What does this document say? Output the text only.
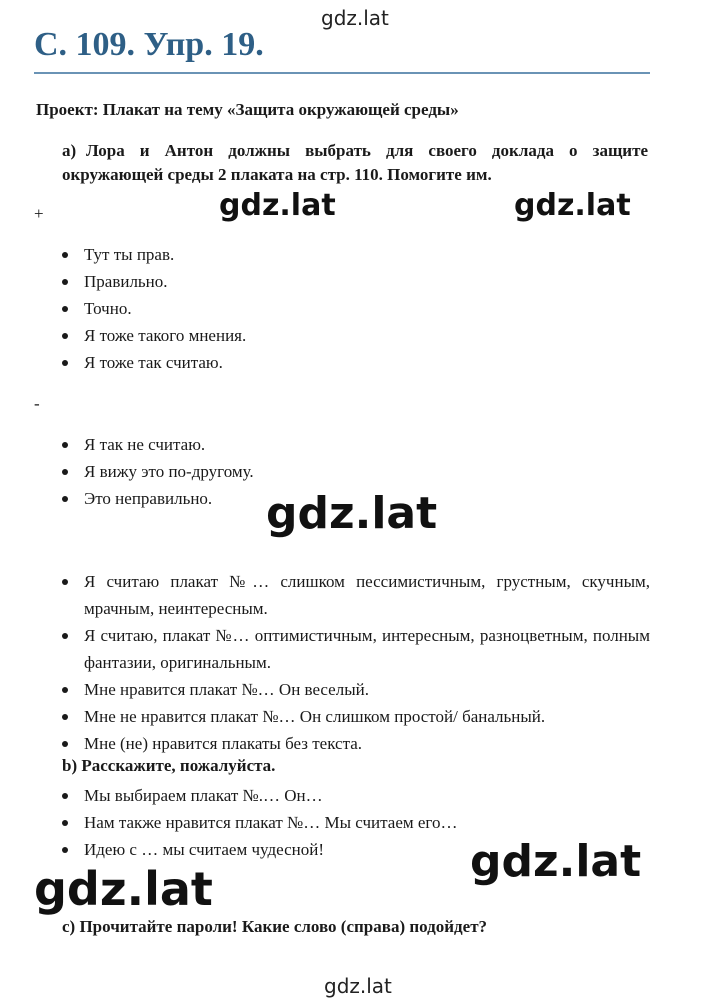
gdz.lat
С. 109. Упр. 19.
Проект: Плакат на тему «Защита окружающей среды»
a) Лора и Антон должны выбрать для своего доклада о защите окружающей среды 2 плаката на стр. 110. Помогите им.
gdz.lat	gdz.lat
+
Тут ты прав.
Правильно.
Точно.
Я тоже такого мнения.
Я тоже так считаю.
-
Я так не считаю.
Я вижу это по-другому.
Это неправильно.	gdz.lat
Я считаю плакат №… слишком пессимистичным, грустным, скучным, мрачным, неинтересным.
Я считаю, плакат №… оптимистичным, интересным, разноцветным, полным фантазии, оригинальным.
Мне нравится плакат №… Он веселый.
Мне не нравится плакат №… Он слишком простой/ банальный.
Мне (не) нравится плакаты без текста.
b) Расскажите, пожалуйста.
Мы выбираем плакат №.… Он…
Нам также нравится плакат №… Мы считаем его…
Идею с … мы считаем чудесной!	gdz.lat
gdz.lat
c) Прочитайте пароли! Какие слово (справа) подойдет?
gdz.lat
